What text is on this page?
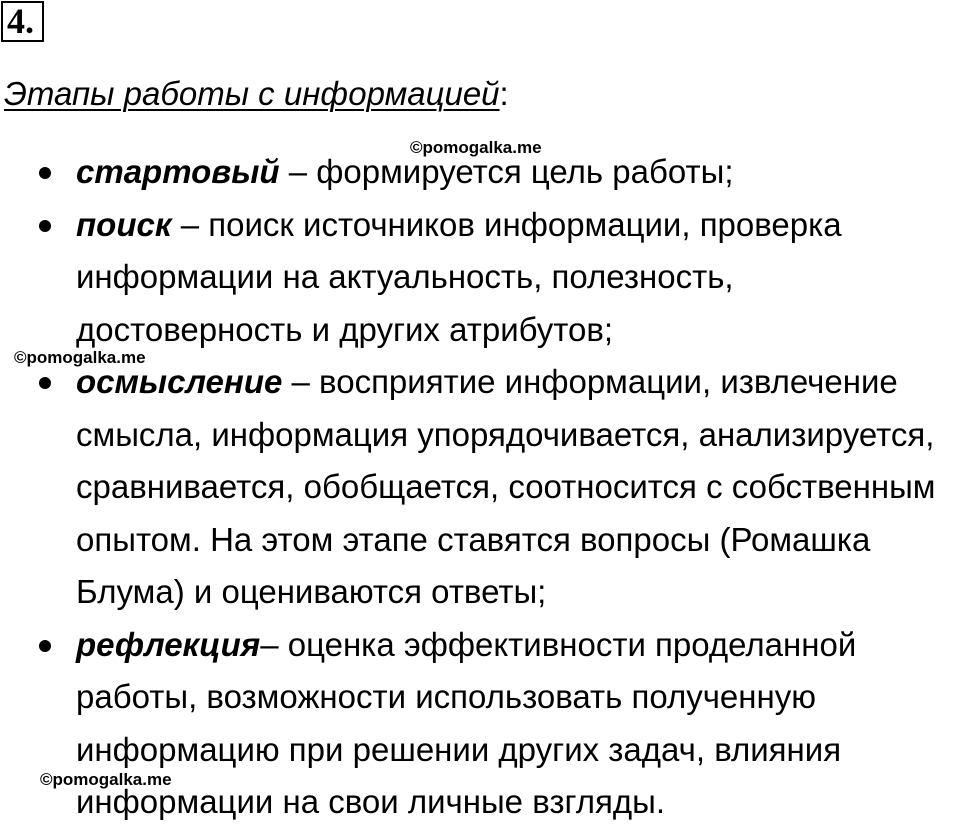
4.
Этапы работы с информацией:
стартовый – формируется цель работы;
поиск – поиск источников информации, проверка
информации на актуальность, полезность,
достоверность и других атрибутов;
осмысление – восприятие информации, извлечение
смысла, информация упорядочивается, анализируется,
сравнивается, обобщается, соотносится с собственным
опытом. На этом этапе ставятся вопросы (Ромашка
Блума) и оцениваются ответы;
рефлекция– оценка эффективности проделанной
работы, возможности использовать полученную
информацию при решении других задач, влияния
информации на свои личные взгляды.
©pomogalka.me
©pomogalka.me
©pomogalka.me
